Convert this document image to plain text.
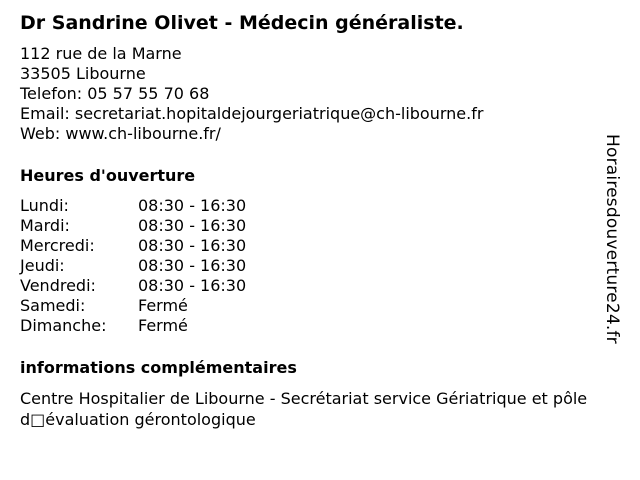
Dr Sandrine Olivet - Médecin généraliste.
112 rue de la Marne
33505 Libourne
Telefon: 05 57 55 70 68
Email: secretariat.hopitaldejourgeriatrique@ch-libourne.fr
Web: www.ch-libourne.fr/
Heures d'ouverture
Lundi:	08:30 - 16:30
Mardi:	08:30 - 16:30
Mercredi:	08:30 - 16:30
Jeudi:	08:30 - 16:30
Vendredi:	08:30 - 16:30
Samedi:	Fermé
Dimanche:	Fermé
informations complémentaires
Centre Hospitalier de Libourne - Secrétariat service Gériatrique et pôle d□évaluation gérontologique
Horairesdouverture24.fr
